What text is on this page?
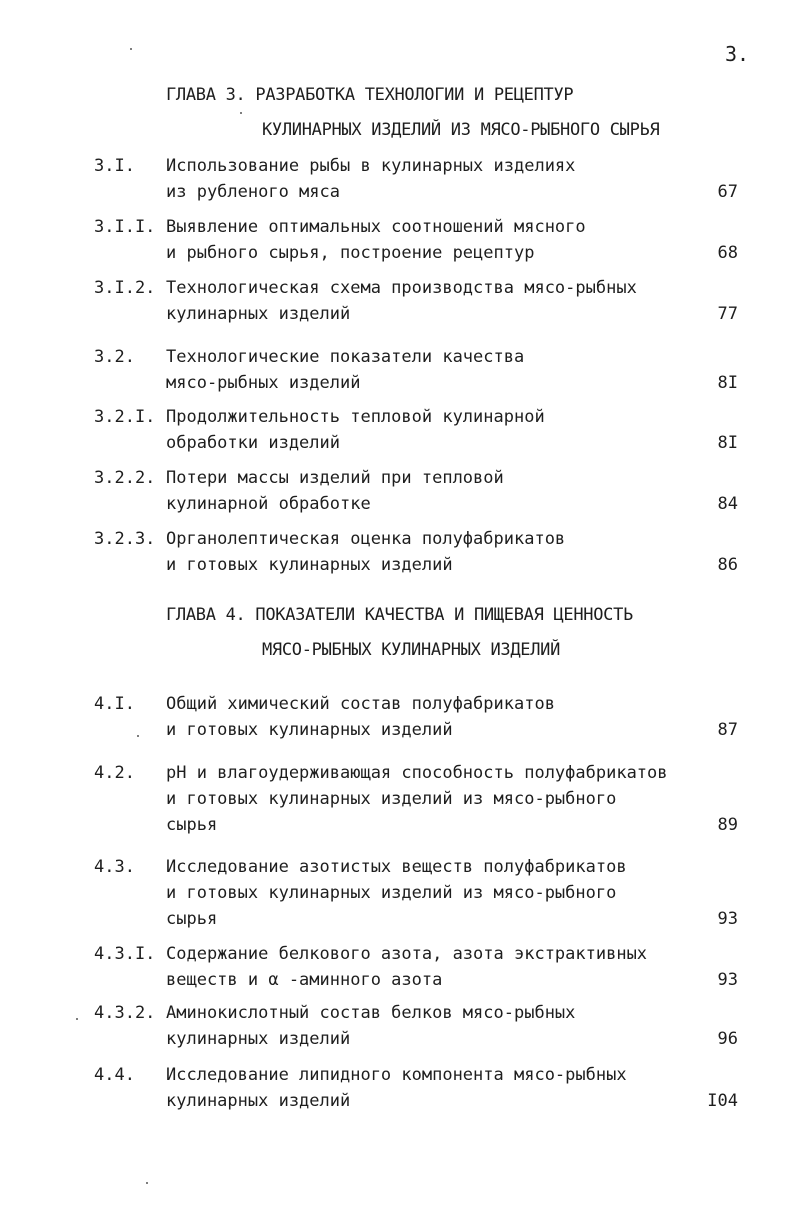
3.
ГЛАВА 3. РАЗРАБОТКА ТЕХНОЛОГИИ И РЕЦЕПТУР
КУЛИНАРНЫХ ИЗДЕЛИЙ ИЗ МЯСО-РЫБНОГО СЫРЬЯ
3.I. Использование рыбы в кулинарных изделиях
из рубленого мяса	67
3.I.I. Выявление оптимальных соотношений мясного
и рыбного сырья, построение рецептур	68
3.I.2. Технологическая схема производства мясо-рыбных
кулинарных изделий	77
3.2. Технологические показатели качества
мясо-рыбных изделий	8I
3.2.I. Продолжительность тепловой кулинарной
обработки изделий	8I
3.2.2. Потери массы изделий при тепловой
кулинарной обработке	84
3.2.3. Органолептическая оценка полуфабрикатов
и готовых кулинарных изделий	86
ГЛАВА 4. ПОКАЗАТЕЛИ КАЧЕСТВА И ПИЩЕВАЯ ЦЕННОСТЬ
МЯСО-РЫБНЫХ КУЛИНАРНЫХ ИЗДЕЛИЙ
4.I. Общий химический состав полуфабрикатов
и готовых кулинарных изделий	87
4.2. pH и влагоудерживающая способность полуфабрикатов
и готовых кулинарных изделий из мясо-рыбного
сырья	89
4.3. Исследование азотистых веществ полуфабрикатов
и готовых кулинарных изделий из мясо-рыбного
сырья	93
4.3.I. Содержание белкового азота, азота экстрактивных
веществ и α -аминного азота	93
4.3.2. Аминокислотный состав белков мясо-рыбных
кулинарных изделий	96
4.4. Исследование липидного компонента мясо-рыбных
кулинарных изделий	I04
